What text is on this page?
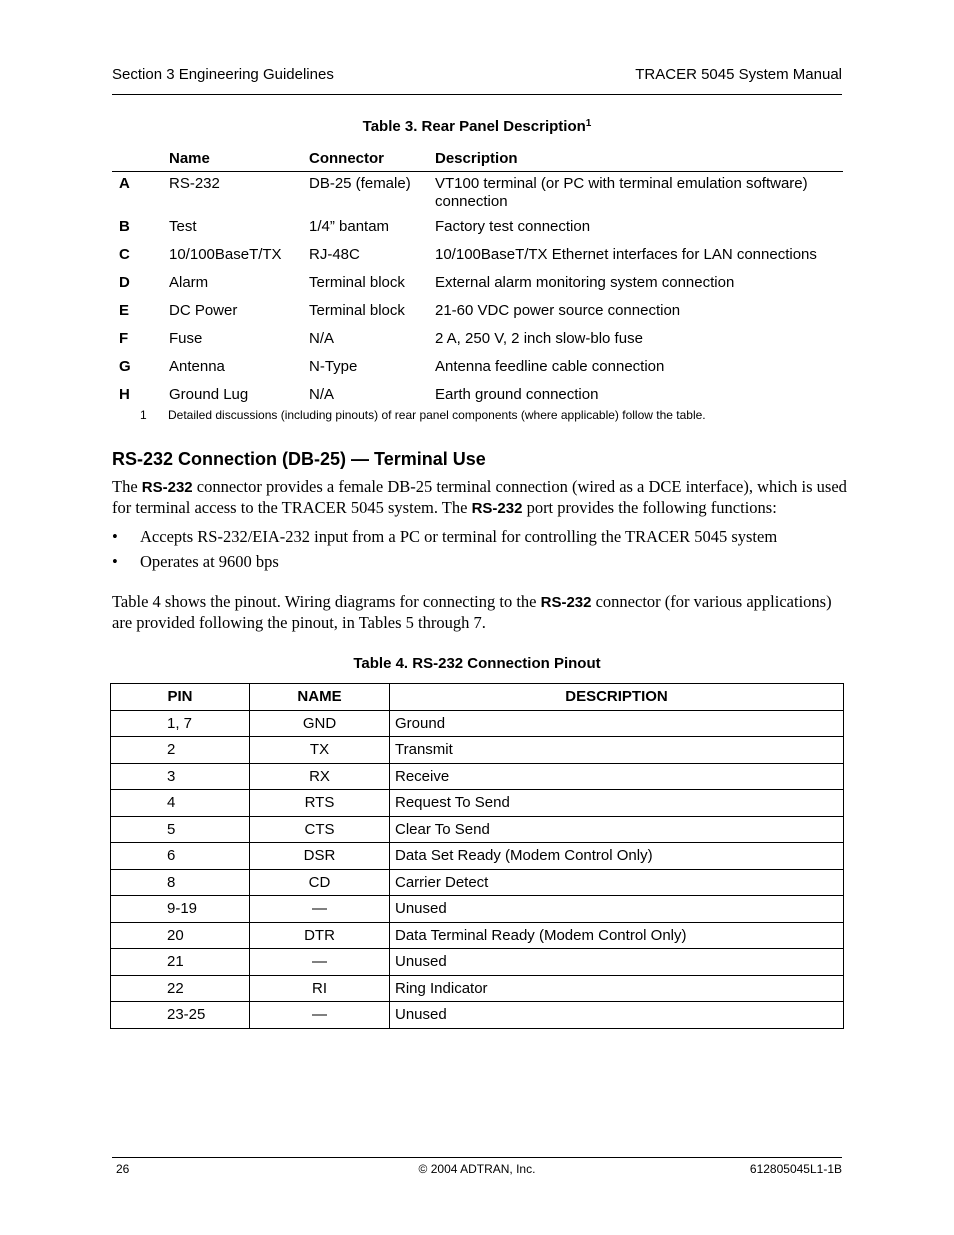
Section 3 Engineering Guidelines	TRACER 5045 System Manual
Table 3. Rear Panel Description$^1$
	Name	Connector	Description
A	RS-232	DB-25 (female)	VT100 terminal (or PC with terminal emulation software) connection
B	Test	1/4” bantam	Factory test connection
C	10/100BaseT/TX	RJ-48C	10/100BaseT/TX Ethernet interfaces for LAN connections
D	Alarm	Terminal block	External alarm monitoring system connection
E	DC Power	Terminal block	21-60 VDC power source connection
F	Fuse	N/A	2 A, 250 V, 2 inch slow-blo fuse
G	Antenna	N-Type	Antenna feedline cable connection
H	Ground Lug	N/A	Earth ground connection
1 Detailed discussions (including pinouts) of rear panel components (where applicable) follow the table.
RS-232 Connection (DB-25) — Terminal Use
The RS-232 connector provides a female DB-25 terminal connection (wired as a DCE interface), which is used for terminal access to the TRACER 5045 system. The RS-232 port provides the following functions:
• Accepts RS-232/EIA-232 input from a PC or terminal for controlling the TRACER 5045 system
• Operates at 9600 bps
Table 4 shows the pinout. Wiring diagrams for connecting to the RS-232 connector (for various applications) are provided following the pinout, in Tables 5 through 7.
Table 4. RS-232 Connection Pinout
PIN	NAME	DESCRIPTION
1, 7	GND	Ground
2	TX	Transmit
3	RX	Receive
4	RTS	Request To Send
5	CTS	Clear To Send
6	DSR	Data Set Ready (Modem Control Only)
8	CD	Carrier Detect
9-19	—	Unused
20	DTR	Data Terminal Ready (Modem Control Only)
21	—	Unused
22	RI	Ring Indicator
23-25	—	Unused
26	© 2004 ADTRAN, Inc.	612805045L1-1B
